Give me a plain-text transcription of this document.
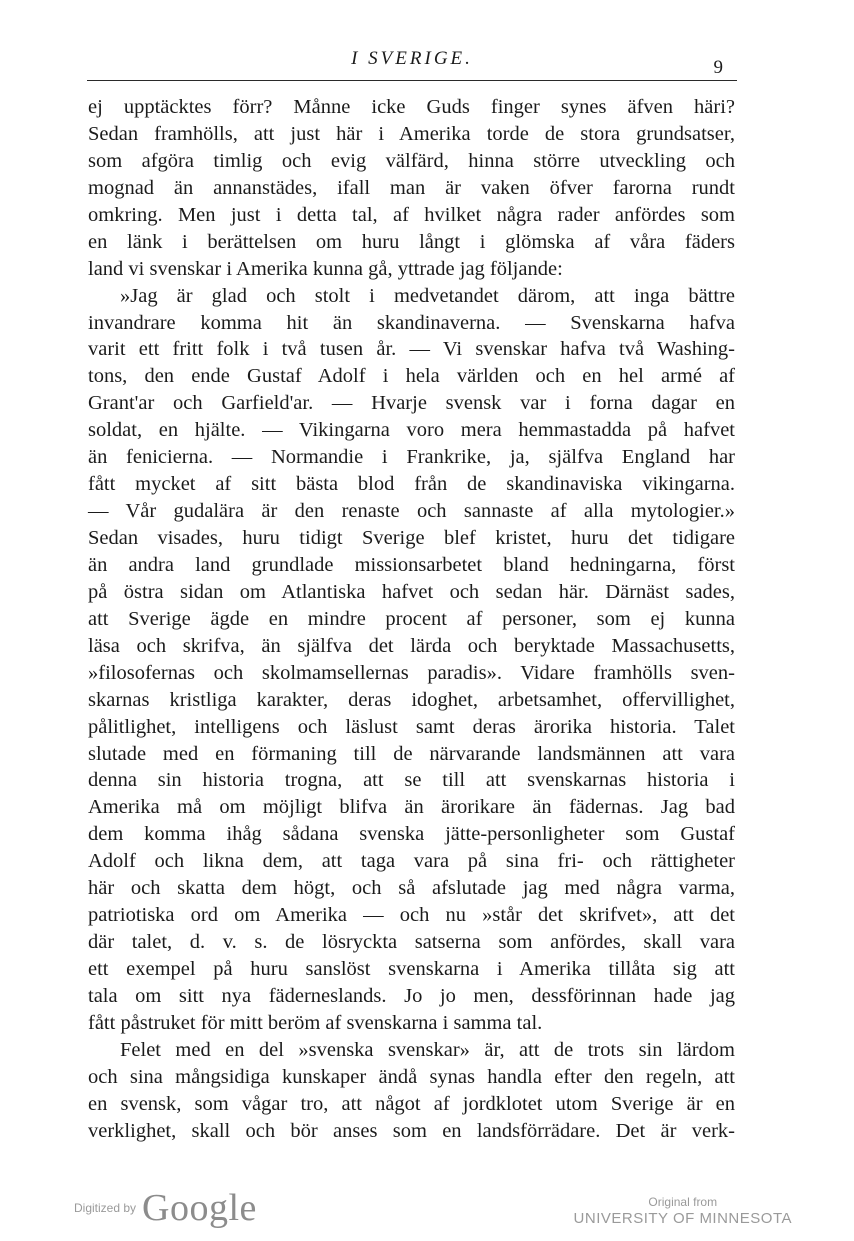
I SVERIGE.	9
ej upptäcktes förr? Månne icke Guds finger synes äfven häri?
Sedan framhölls, att just här i Amerika torde de stora grundsatser,
som afgöra timlig och evig välfärd, hinna större utveckling och
mognad än annanstädes, ifall man är vaken öfver farorna rundt
omkring. Men just i detta tal, af hvilket några rader anfördes som
en länk i berättelsen om huru långt i glömska af våra fäders
land vi svenskar i Amerika kunna gå, yttrade jag följande:
»Jag är glad och stolt i medvetandet därom, att inga bättre
invandrare komma hit än skandinaverna. — Svenskarna hafva
varit ett fritt folk i två tusen år. — Vi svenskar hafva två Washing-
tons, den ende Gustaf Adolf i hela världen och en hel armé af
Grant'ar och Garfield'ar. — Hvarje svensk var i forna dagar en
soldat, en hjälte. — Vikingarna voro mera hemmastadda på hafvet
än fenicierna. — Normandie i Frankrike, ja, själfva England har
fått mycket af sitt bästa blod från de skandinaviska vikingarna.
— Vår gudalära är den renaste och sannaste af alla mytologier.»
Sedan visades, huru tidigt Sverige blef kristet, huru det tidigare
än andra land grundlade missionsarbetet bland hedningarna, först
på östra sidan om Atlantiska hafvet och sedan här. Därnäst sades,
att Sverige ägde en mindre procent af personer, som ej kunna
läsa och skrifva, än själfva det lärda och beryktade Massachusetts,
»filosofernas och skolmamsellernas paradis». Vidare framhölls sven-
skarnas kristliga karakter, deras idoghet, arbetsamhet, offervillighet,
pålitlighet, intelligens och läslust samt deras ärorika historia. Talet
slutade med en förmaning till de närvarande landsmännen att vara
denna sin historia trogna, att se till att svenskarnas historia i
Amerika må om möjligt blifva än ärorikare än fädernas. Jag bad
dem komma ihåg sådana svenska jätte-personligheter som Gustaf
Adolf och likna dem, att taga vara på sina fri- och rättigheter
här och skatta dem högt, och så afslutade jag med några varma,
patriotiska ord om Amerika — och nu »står det skrifvet», att det
där talet, d. v. s. de lösryckta satserna som anfördes, skall vara
ett exempel på huru sanslöst svenskarna i Amerika tillåta sig att
tala om sitt nya fäderneslands. Jo jo men, dessförinnan hade jag
fått påstruket för mitt beröm af svenskarna i samma tal.
Felet med en del »svenska svenskar» är, att de trots sin lärdom
och sina mångsidiga kunskaper ändå synas handla efter den regeln, att
en svensk, som vågar tro, att något af jordklotet utom Sverige är en
verklighet, skall och bör anses som en landsförrädare. Det är verk-
Digitized by Google	Original from
UNIVERSITY OF MINNESOTA
